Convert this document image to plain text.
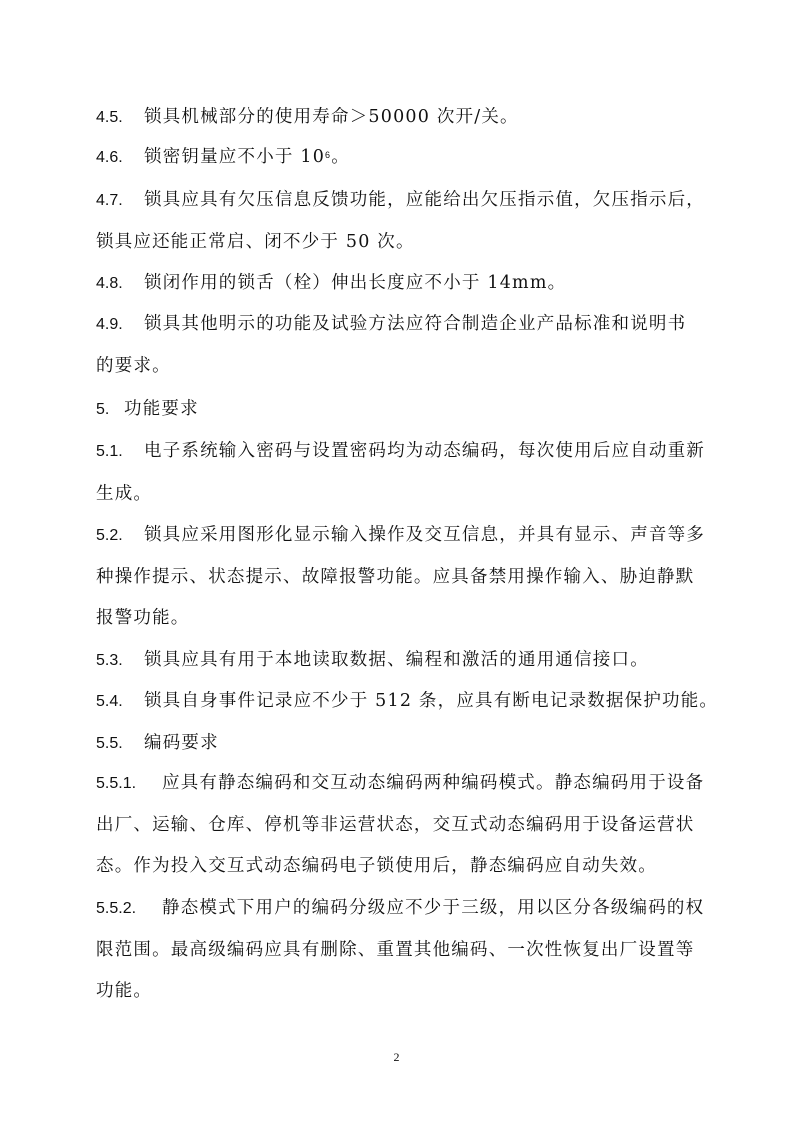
4.5. 锁具机械部分的使用寿命＞50000 次开/关。
4.6. 锁密钥量应不小于 $10^6$。
4.7. 锁具应具有欠压信息反馈功能，应能给出欠压指示值，欠压指示后，
锁具应还能正常启、闭不少于 50 次。
4.8. 锁闭作用的锁舌（栓）伸出长度应不小于 14mm。
4.9. 锁具其他明示的功能及试验方法应符合制造企业产品标准和说明书
的要求。
5. 功能要求
5.1. 电子系统输入密码与设置密码均为动态编码，每次使用后应自动重新
生成。
5.2. 锁具应采用图形化显示输入操作及交互信息，并具有显示、声音等多
种操作提示、状态提示、故障报警功能。应具备禁用操作输入、胁迫静默
报警功能。
5.3. 锁具应具有用于本地读取数据、编程和激活的通用通信接口。
5.4. 锁具自身事件记录应不少于 512 条，应具有断电记录数据保护功能。
5.5. 编码要求
5.5.1. 应具有静态编码和交互动态编码两种编码模式。静态编码用于设备
出厂、运输、仓库、停机等非运营状态，交互式动态编码用于设备运营状
态。作为投入交互式动态编码电子锁使用后，静态编码应自动失效。
5.5.2. 静态模式下用户的编码分级应不少于三级，用以区分各级编码的权
限范围。最高级编码应具有删除、重置其他编码、一次性恢复出厂设置等
功能。
2
